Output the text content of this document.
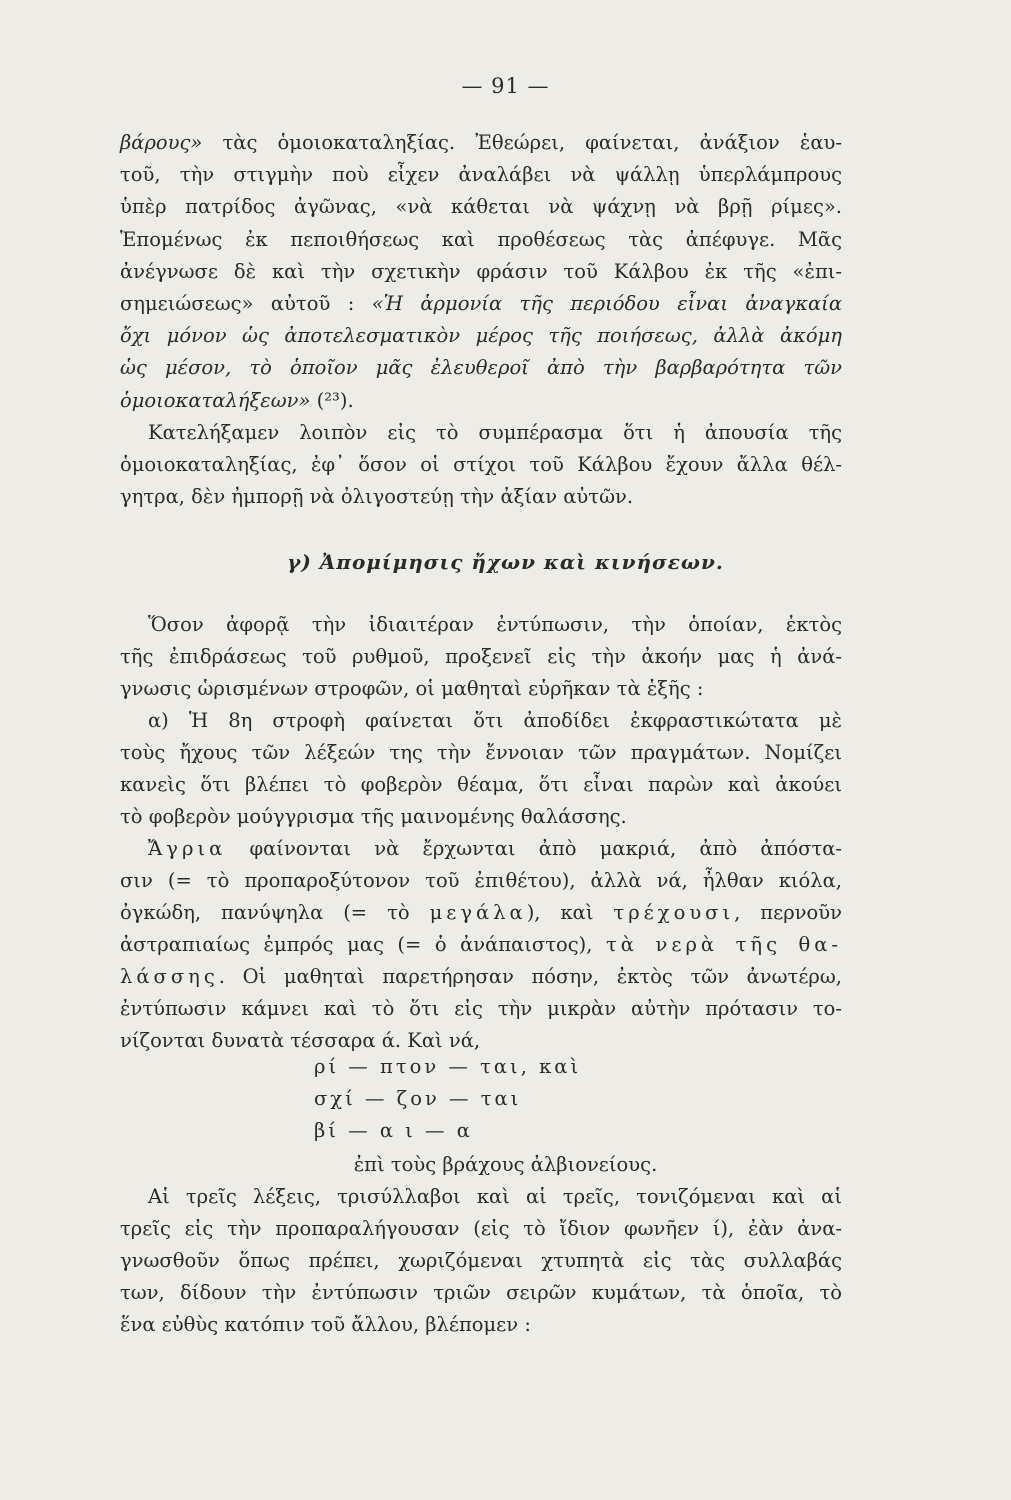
— 91 —
βάρους» τὰς ὁμοιοκαταληξίας. Ἐθεώρει, φαίνεται, ἀνάξιον ἑαυ-
τοῦ, τὴν στιγμὴν ποὺ εἶχεν ἀναλάβει νὰ ψάλλῃ ὑπερλάμπρους
ὑπὲρ πατρίδος ἀγῶνας, «νὰ κάθεται νὰ ψάχνῃ νὰ βρῇ ρίμες».
Ἑπομένως ἐκ πεποιθήσεως καὶ προθέσεως τὰς ἀπέφυγε. Μᾶς
ἀνέγνωσε δὲ καὶ τὴν σχετικὴν φράσιν τοῦ Κάλβου ἐκ τῆς «ἐπι-
σημειώσεως» αὐτοῦ : «Ἡ ἁρμονία τῆς περιόδου εἶναι ἀναγκαία
ὄχι μόνον ὡς ἀποτελεσματικὸν μέρος τῆς ποιήσεως, ἀλλὰ ἀκόμη
ὡς μέσον, τὸ ὁποῖον μᾶς ἐλευθεροῖ ἀπὸ τὴν βαρβαρότητα τῶν
ὁμοιοκαταλήξεων» (²³).
Κατελήξαμεν λοιπὸν εἰς τὸ συμπέρασμα ὅτι ἡ ἀπουσία τῆς
ὁμοιοκαταληξίας, ἐφ᾿ ὅσον οἱ στίχοι τοῦ Κάλβου ἔχουν ἄλλα θέλ-
γητρα, δὲν ἠμπορῇ νὰ ὀλιγοστεύῃ τὴν ἀξίαν αὐτῶν.
γ) Ἀπομίμησις ἤχων καὶ κινήσεων.
Ὅσον ἀφορᾷ τὴν ἰδιαιτέραν ἐντύπωσιν, τὴν ὁποίαν, ἐκτὸς
τῆς ἐπιδράσεως τοῦ ρυθμοῦ, προξενεῖ εἰς τὴν ἀκοήν μας ἡ ἀνά-
γνωσις ὡρισμένων στροφῶν, οἱ μαθηταὶ εὑρῆκαν τὰ ἑξῆς :
α) Ἡ 8η στροφὴ φαίνεται ὅτι ἀποδίδει ἐκφραστικώτατα μὲ
τοὺς ἤχους τῶν λέξεών της τὴν ἔννοιαν τῶν πραγμάτων. Νομίζει
κανεὶς ὅτι βλέπει τὸ φοβερὸν θέαμα, ὅτι εἶναι παρὼν καὶ ἀκούει
τὸ φοβερὸν μούγγρισμα τῆς μαινομένης θαλάσσης.
Ἄγρια φαίνονται νὰ ἔρχωνται ἀπὸ μακριά, ἀπὸ ἀπόστα-
σιν (= τὸ προπαροξύτονον τοῦ ἐπιθέτου), ἀλλὰ νά, ἦλθαν κιόλα,
ὀγκώδη, πανύψηλα (= τὸ μεγάλα), καὶ τρέχουσι, περνοῦν
ἀστραπιαίως ἐμπρός μας (= ὁ ἀνάπαιστος), τὰ νερὰ τῆς θα-
λάσσης. Οἱ μαθηταὶ παρετήρησαν πόσην, ἐκτὸς τῶν ἀνωτέρω,
ἐντύπωσιν κάμνει καὶ τὸ ὅτι εἰς τὴν μικρὰν αὐτὴν πρότασιν το-
νίζονται δυνατὰ τέσσαρα ά. Καὶ νά,
ρί — πτον — ται, καὶ
σχί — ζον — ται
βί — α ι — α
ἐπὶ τοὺς βράχους ἀλβιονείους.
Αἱ τρεῖς λέξεις, τρισύλλαβοι καὶ αἱ τρεῖς, τονιζόμεναι καὶ αἱ
τρεῖς εἰς τὴν προπαραλήγουσαν (εἰς τὸ ἴδιον φωνῆεν ί), ἐὰν ἀνα-
γνωσθοῦν ὅπως πρέπει, χωριζόμεναι χτυπητὰ εἰς τὰς συλλαβάς
των, δίδουν τὴν ἐντύπωσιν τριῶν σειρῶν κυμάτων, τὰ ὁποῖα, τὸ
ἕνα εὐθὺς κατόπιν τοῦ ἄλλου, βλέπομεν :
